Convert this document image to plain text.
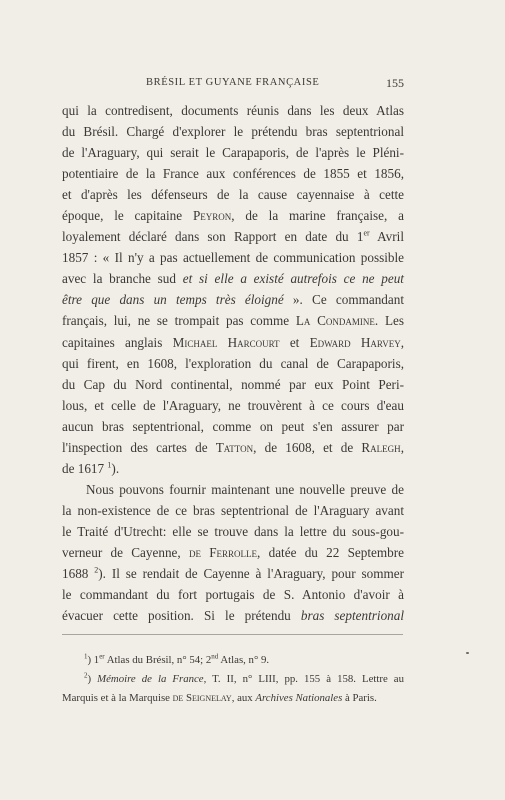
BRÉSIL ET GUYANE FRANÇAISE	155
qui la contredisent, documents réunis dans les deux Atlas
du Brésil. Chargé d'explorer le prétendu bras septentrional
de l'Araguary, qui serait le Carapaporis, de l'après le Pléni-
potentiaire de la France aux conférences de 1855 et 1856,
et d'après les défenseurs de la cause cayennaise à cette
époque, le capitaine Peyron, de la marine française, a
loyalement déclaré dans son Rapport en date du 1er Avril
1857 : « Il n'y a pas actuellement de communication possible
avec la branche sud et si elle a existé autrefois ce ne peut
être que dans un temps très éloigné ». Ce commandant
français, lui, ne se trompait pas comme La Condamine. Les
capitaines anglais Michael Harcourt et Edward Harvey,
qui firent, en 1608, l'exploration du canal de Carapaporis,
du Cap du Nord continental, nommé par eux Point Peri-
lous, et celle de l'Araguary, ne trouvèrent à ce cours d'eau
aucun bras septentrional, comme on peut s'en assurer par
l'inspection des cartes de Tatton, de 1608, et de Ralegh,
de 1617 $^1$).
Nous pouvons fournir maintenant une nouvelle preuve de
la non-existence de ce bras septentrional de l'Araguary avant
le Traité d'Utrecht: elle se trouve dans la lettre du sous-gou-
verneur de Cayenne, de Ferrolle, datée du 22 Septembre
1688 $^2$). Il se rendait de Cayenne à l'Araguary, pour sommer
le commandant du fort portugais de S. Antonio d'avoir à
évacuer cette position. Si le prétendu bras septentrional
$^1$) 1er Atlas du Brésil, n° 54; 2nd Atlas, n° 9.
$^2$) Mémoire de la France, T. II, n° LIII, pp. 155 à 158. Lettre au
Marquis et à la Marquise de Seignelay, aux Archives Nationales à Paris.
